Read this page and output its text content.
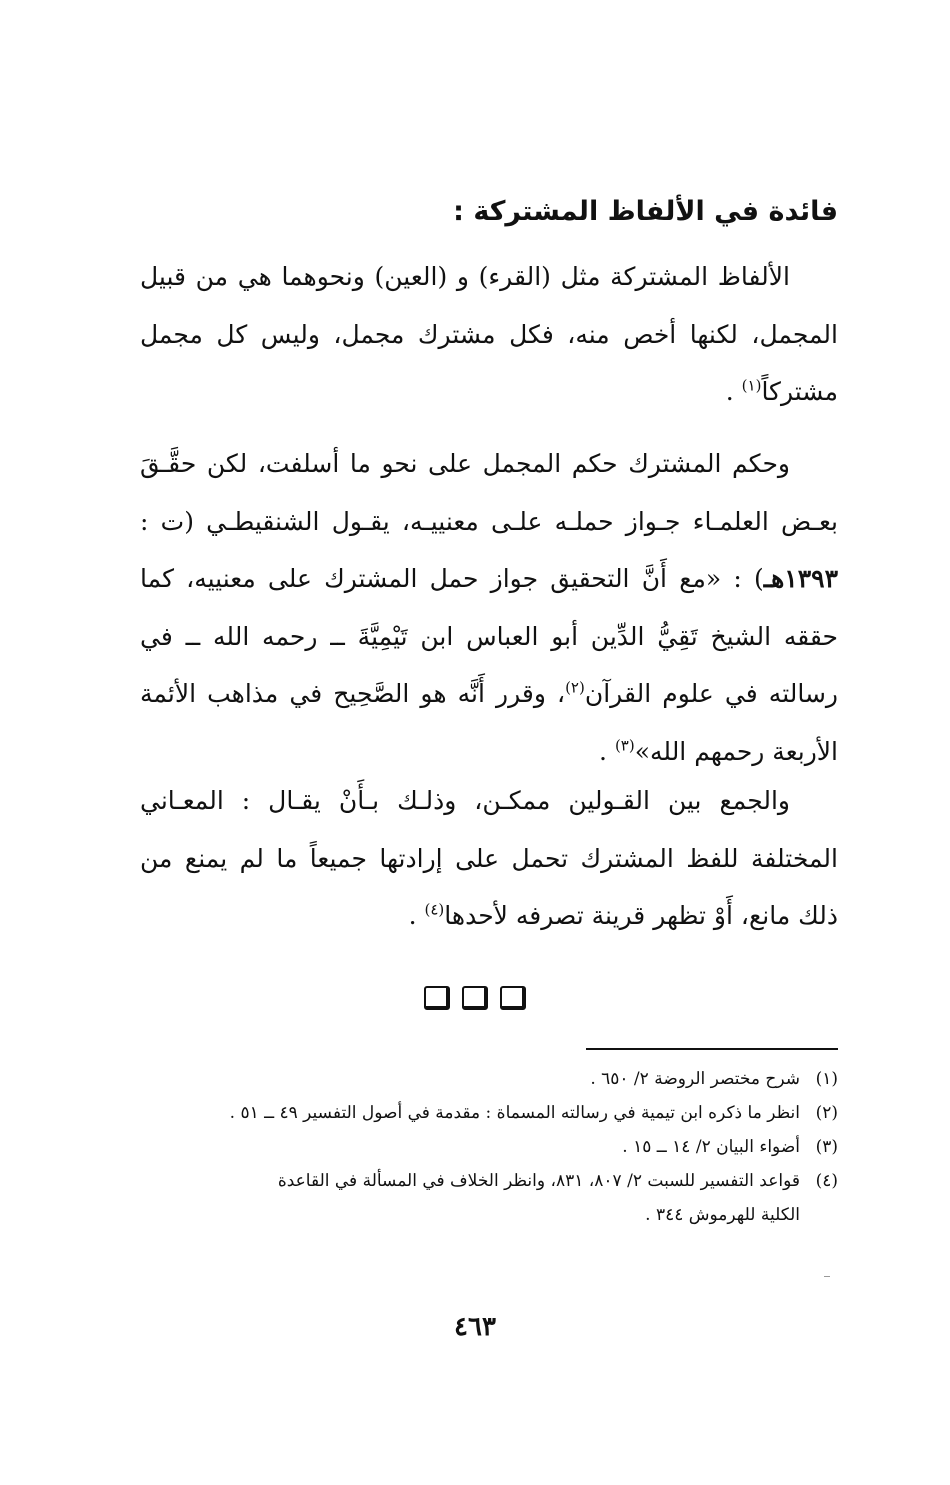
فائدة في الألفاظ المشتركة :

الألفاظ المشتركة مثل (القرء) و (العين) ونحوهما هي من قبيل المجمل، لكنها أخص منه، فكل مشترك مجمل، وليس كل مجمل مشتركاً$^{(١)}$ .

وحكم المشترك حكم المجمل على نحو ما أسلفت، لكن حقَّـقَ بعـض العلمـاء جـواز حملـه علـى معنييـه، يقـول الشنقيطـي (ت : ١٣٩٣هـ) : «مع أَنَّ التحقيق جواز حمل المشترك على معنييه، كما حققه الشيخ تَقِيُّ الدِّين أبو العباس ابن تَيْمِيَّةَ ــ رحمه الله ــ في رسالته في علوم القرآن$^{(٢)}$، وقرر أَنَّه هو الصَّحِيح في مذاهب الأئمة الأربعة رحمهم الله»$^{(٣)}$ .

والجمع بين القـولين ممكـن، وذلـك بـأَنْ يقـال : المعـاني المختلفة للفظ المشترك تحمل على إرادتها جميعاً ما لم يمنع من ذلك مانع، أَوْ تظهر قرينة تصرفه لأحدها$^{(٤)}$ .

(١)شرح مختصر الروضة ٢/ ٦٥٠ .
(٢)انظر ما ذكره ابن تيمية في رسالته المسماة : مقدمة في أصول التفسير ٤٩ ــ ٥١ .
(٣)أضواء البيان ٢/ ١٤ ــ ١٥ .
(٤)قواعد التفسير للسبت ٢/ ٨٠٧، ٨٣١، وانظر الخلاف في المسألة في القاعدة
الكلية للهرموش ٣٤٤ .
٤٦٣
